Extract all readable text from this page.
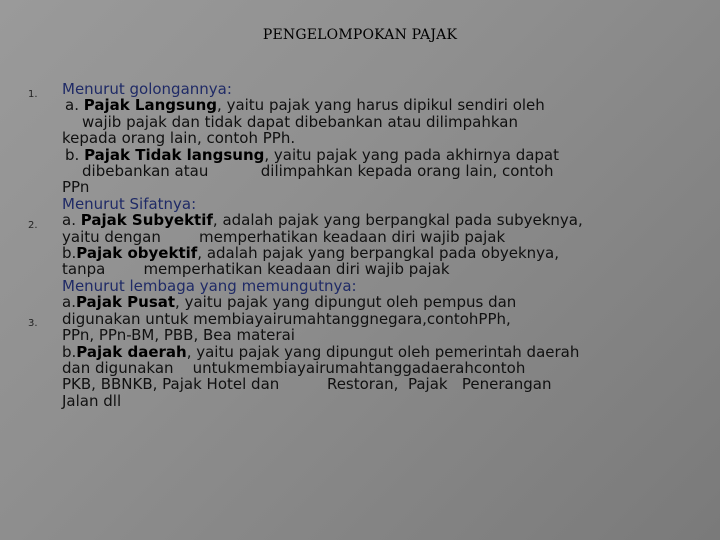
PENGELOMPOKAN PAJAK
1.
2.
3.
Menurut golongannya:
a. Pajak Langsung, yaitu pajak yang harus dipikul sendiri oleh
wajib pajak dan tidak dapat dibebankan atau dilimpahkan
kepada orang lain, contoh PPh.
b. Pajak Tidak langsung, yaitu pajak yang pada akhirnya dapat
dibebankan atau           dilimpahkan kepada orang lain, contoh
PPn
Menurut Sifatnya:
a. Pajak Subyektif, adalah pajak yang berpangkal pada subyeknya,
yaitu dengan        memperhatikan keadaan diri wajib pajak
b.Pajak obyektif, adalah pajak yang berpangkal pada obyeknya,
tanpa        memperhatikan keadaan diri wajib pajak
Menurut lembaga yang memungutnya:
a.Pajak Pusat, yaitu pajak yang dipungut oleh pempus dan
digunakan untuk membiayairumahtanggnegara,contohPPh,
PPn, PPn-BM, PBB, Bea materai
b.Pajak daerah, yaitu pajak yang dipungut oleh pemerintah daerah
dan digunakan    untukmembiayairumahtanggadaerahcontoh
PKB, BBNKB, Pajak Hotel dan          Restoran,  Pajak   Penerangan
Jalan dll
